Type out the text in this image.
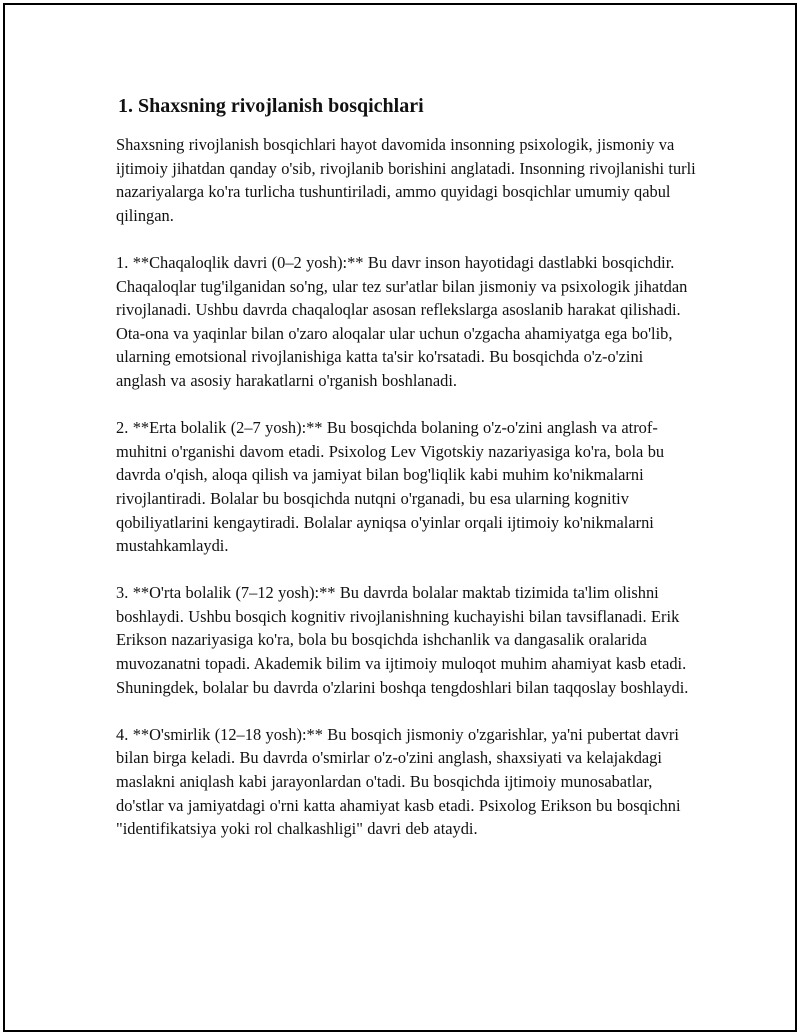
1. Shaxsning rivojlanish bosqichlari

Shaxsning rivojlanish bosqichlari hayot davomida insonning psixologik, jismoniy va ijtimoiy jihatdan qanday o'sib, rivojlanib borishini anglatadi. Insonning rivojlanishi turli nazariyalarga ko'ra turlicha tushuntiriladi, ammo quyidagi bosqichlar umumiy qabul qilingan.

1. **Chaqaloqlik davri (0–2 yosh):** Bu davr inson hayotidagi dastlabki bosqichdir. Chaqaloqlar tug'ilganidan so'ng, ular tez sur'atlar bilan jismoniy va psixologik jihatdan rivojlanadi. Ushbu davrda chaqaloqlar asosan reflekslarga asoslanib harakat qilishadi. Ota-ona va yaqinlar bilan o'zaro aloqalar ular uchun o'zgacha ahamiyatga ega bo'lib, ularning emotsional rivojlanishiga katta ta'sir ko'rsatadi. Bu bosqichda o'z-o'zini anglash va asosiy harakatlarni o'rganish boshlanadi.

2. **Erta bolalik (2–7 yosh):** Bu bosqichda bolaning o'z-o'zini anglash va atrof-muhitni o'rganishi davom etadi. Psixolog Lev Vigotskiy nazariyasiga ko'ra, bola bu davrda o'qish, aloqa qilish va jamiyat bilan bog'liqlik kabi muhim ko'nikmalarni rivojlantiradi. Bolalar bu bosqichda nutqni o'rganadi, bu esa ularning kognitiv qobiliyatlarini kengaytiradi. Bolalar ayniqsa o'yinlar orqali ijtimoiy ko'nikmalarni mustahkamlaydi.

3. **O'rta bolalik (7–12 yosh):** Bu davrda bolalar maktab tizimida ta'lim olishni boshlaydi. Ushbu bosqich kognitiv rivojlanishning kuchayishi bilan tavsiflanadi. Erik Erikson nazariyasiga ko'ra, bola bu bosqichda ishchanlik va dangasalik oralarida muvozanatni topadi. Akademik bilim va ijtimoiy muloqot muhim ahamiyat kasb etadi. Shuningdek, bolalar bu davrda o'zlarini boshqa tengdoshlari bilan taqqoslay boshlaydi.

4. **O'smirlik (12–18 yosh):** Bu bosqich jismoniy o'zgarishlar, ya'ni pubertat davri bilan birga keladi. Bu davrda o'smirlar o'z-o'zini anglash, shaxsiyati va kelajakdagi maslakni aniqlash kabi jarayonlardan o'tadi. Bu bosqichda ijtimoiy munosabatlar, do'stlar va jamiyatdagi o'rni katta ahamiyat kasb etadi. Psixolog Erikson bu bosqichni "identifikatsiya yoki rol chalkashligi" davri deb ataydi.
